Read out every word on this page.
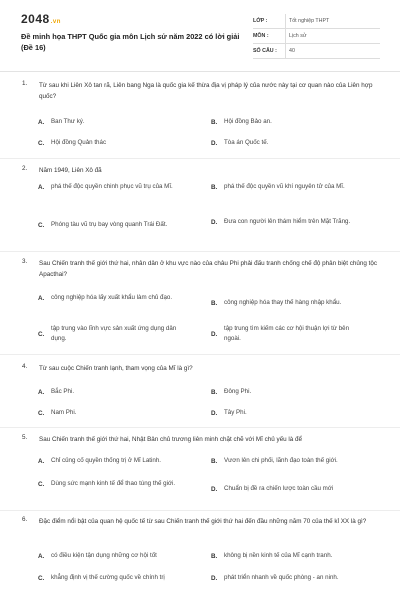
2048.vn
Đề minh họa THPT Quốc gia môn Lịch sử năm 2022 có lời giải (Đề 16)
LỚP :	Tốt nghiệp THPT
MÔN :	Lịch sử
SỐ CÂU :	40
1. Từ sau khi Liên Xô tan rã, Liên bang Nga là quốc gia kế thừa địa vị pháp lý của nước này tại cơ quan nào của Liên hợp quốc?
A.	Ban Thư ký.	B.	Hội đồng Bảo an.
C.	Hội đồng Quản thác	D.	Tòa án Quốc tế.
2. Năm 1949, Liên Xô đã
A.	phá thế độc quyền chinh phục vũ trụ của Mĩ.	B.	phá thế độc quyền vũ khí nguyên tử của Mĩ.
C.	Phóng tàu vũ trụ bay vòng quanh Trái Đất.	D.	Đưa con người lên thám hiểm trên Mặt Trăng.
3. Sau Chiến tranh thế giới thứ hai, nhân dân ở khu vực nào của châu Phi phải đấu tranh chống chế độ phân biệt chủng tộc Apacthai?
A.	công nghiệp hóa lấy xuất khẩu làm chủ đạo.
B.	công nghiệp hóa thay thế hàng nhập khẩu.
C.
tập trung vào lĩnh vực sản xuất ứng dụng dân dụng.
D.
tập trung tìm kiếm các cơ hội thuận lợi từ bên ngoài.
4. Từ sau cuộc Chiến tranh lạnh, tham vọng của Mĩ là gì?
A.	Bắc Phi.	B.	Đông Phi.
C.	Nam Phi.	D.	Tây Phi.
5. Sau Chiến tranh thế giới thứ hai, Nhật Bản chủ trương liên minh chặt chẽ với Mĩ chủ yếu là để
A.	Chỉ củng cố quyền thống trị ở Mĩ Latinh.	B.	Vươn lên chi phối, lãnh đạo toàn thế giới.
C.	Dùng sức mạnh kinh tế để thao túng thế giới.
D.	Chuẩn bị đề ra chiến lược toàn cầu mới
6. Đặc điểm nổi bật của quan hệ quốc tế từ sau Chiến tranh thế giới thứ hai đến đầu những năm 70 của thế kỉ XX là gì?
A.	có điều kiện tận dụng những cơ hội tốt	B.	không bị nền kinh tế của Mĩ cạnh tranh.
C.	khẳng định vị thế cường quốc về chính trị	D.	phát triển nhanh về quốc phòng - an ninh.
